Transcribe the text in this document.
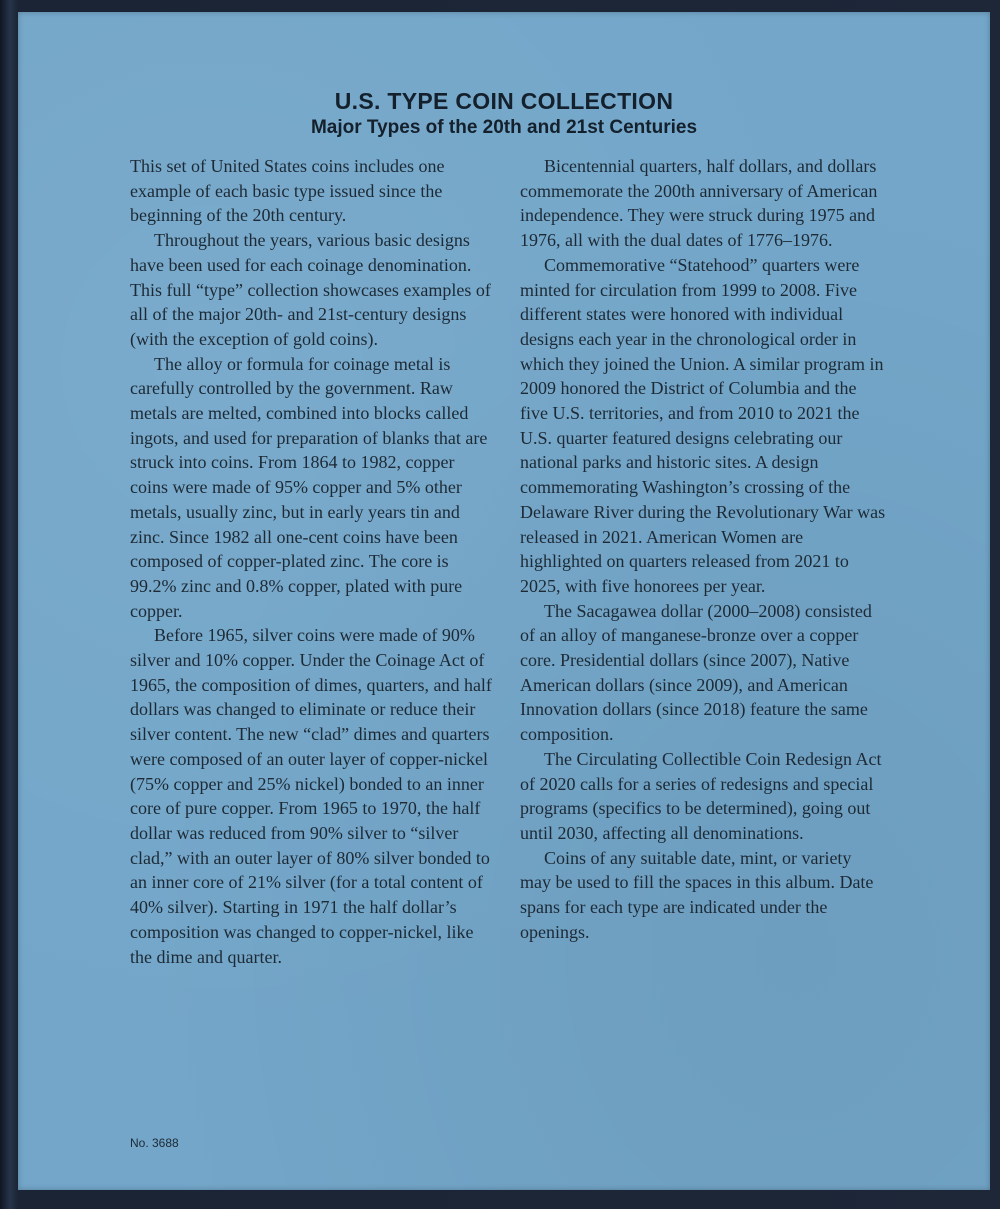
U.S. TYPE COIN COLLECTION
Major Types of the 20th and 21st Centuries

This set of United States coins includes one example of each basic type issued since the beginning of the 20th century.

Throughout the years, various basic designs have been used for each coinage denomination. This full “type” collection showcases examples of all of the major 20th- and 21st-century designs (with the exception of gold coins).

The alloy or formula for coinage metal is carefully controlled by the government. Raw metals are melted, combined into blocks called ingots, and used for preparation of blanks that are struck into coins. From 1864 to 1982, copper coins were made of 95% copper and 5% other metals, usually zinc, but in early years tin and zinc. Since 1982 all one-cent coins have been composed of copper-plated zinc. The core is 99.2% zinc and 0.8% copper, plated with pure copper.

Before 1965, silver coins were made of 90% silver and 10% copper. Under the Coinage Act of 1965, the composition of dimes, quarters, and half dollars was changed to eliminate or reduce their silver content. The new “clad” dimes and quarters were composed of an outer layer of copper-nickel (75% copper and 25% nickel) bonded to an inner core of pure copper. From 1965 to 1970, the half dollar was reduced from 90% silver to “silver clad,” with an outer layer of 80% silver bonded to an inner core of 21% silver (for a total content of 40% silver). Starting in 1971 the half dollar’s composition was changed to copper-nickel, like the dime and quarter.

Bicentennial quarters, half dollars, and dollars commemorate the 200th anniversary of American independence. They were struck during 1975 and 1976, all with the dual dates of 1776–1976.

Commemorative “Statehood” quarters were minted for circulation from 1999 to 2008. Five different states were honored with individual designs each year in the chronological order in which they joined the Union. A similar program in 2009 honored the District of Columbia and the five U.S. territories, and from 2010 to 2021 the U.S. quarter featured designs celebrating our national parks and historic sites. A design commemorating Washington’s crossing of the Delaware River during the Revolutionary War was released in 2021. American Women are highlighted on quarters released from 2021 to 2025, with five honorees per year.

The Sacagawea dollar (2000–2008) consisted of an alloy of manganese-bronze over a copper core. Presidential dollars (since 2007), Native American dollars (since 2009), and American Innovation dollars (since 2018) feature the same composition.

The Circulating Collectible Coin Redesign Act of 2020 calls for a series of redesigns and special programs (specifics to be determined), going out until 2030, affecting all denominations.

Coins of any suitable date, mint, or variety may be used to fill the spaces in this album. Date spans for each type are indicated under the openings.

No. 3688
